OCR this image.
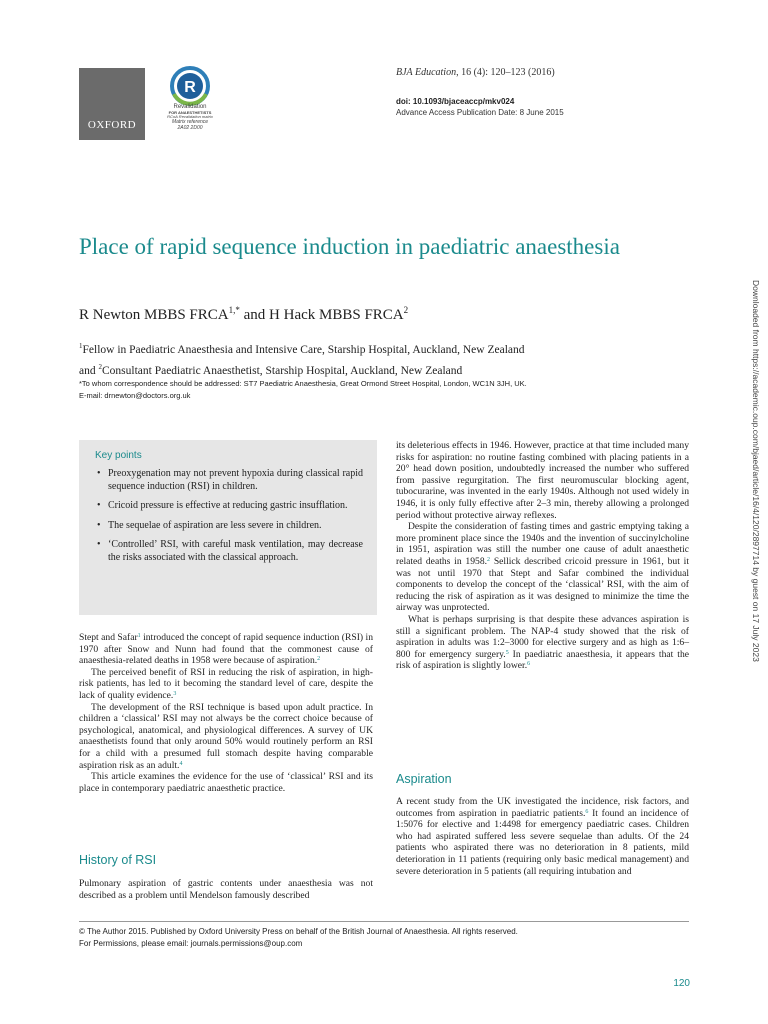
OXFORD
R
Revalidation
FOR ANAESTHETISTS
RCoA Revalidation matrix
Matrix reference
2A02 2D00
BJA Education, 16 (4): 120–123 (2016)
doi: 10.1093/bjaceaccp/mkv024
Advance Access Publication Date: 8 June 2015
Place of rapid sequence induction in paediatric anaesthesia
R Newton MBBS $FRCA^{1,*}$ and H Hack MBBS FRCA$^2$
$^1$Fellow in Paediatric Anaesthesia and Intensive Care, Starship Hospital, Auckland, New Zealand
and $^2$Consultant Paediatric Anaesthetist, Starship Hospital, Auckland, New Zealand
*To whom correspondence should be addressed: ST7 Paediatric Anaesthesia, Great Ormond Street Hospital, London, WC1N 3JH, UK.
E-mail: drnewton@doctors.org.uk	Downloaded from https://academic.oup.com/bjaed/article/16/4/120/2897714 by guest on 17 July 2023
Key points
• Preoxygenation may not prevent hypoxia during classical rapid sequence induction (RSI) in children.
• Cricoid pressure is effective at reducing gastric insufflation.
• The sequelae of aspiration are less severe in children.
• ‘Controlled’ RSI, with careful mask ventilation, may decrease the risks associated with the classical approach.

Stept and Safar$^1$ introduced the concept of rapid sequence induction (RSI) in 1970 after Snow and Nunn had found that the commonest cause of anaesthesia-related deaths in 1958 were because of aspiration.$^2$

The perceived benefit of RSI in reducing the risk of aspiration, in high-risk patients, has led to it becoming the standard level of care, despite the lack of quality evidence.$^3$

The development of the RSI technique is based upon adult practice. In children a ‘classical’ RSI may not always be the correct choice because of psychological, anatomical, and physiological differences. A survey of UK anaesthetists found that only around 50% would routinely perform an RSI for a child with a presumed full stomach despite having comparable aspiration risk as an adult.$^4$

This article examines the evidence for the use of ‘classical’ RSI and its place in contemporary paediatric anaesthetic practice.

History of RSI

Pulmonary aspiration of gastric contents under anaesthesia was not described as a problem until Mendelson famously described

its deleterious effects in 1946. However, practice at that time included many risks for aspiration: no routine fasting combined with placing patients in a 20° head down position, undoubtedly increased the number who suffered from passive regurgitation. The first neuromuscular blocking agent, tubocurarine, was invented in the early 1940s. Although not used widely in 1946, it is only fully effective after 2–3 min, thereby allowing a prolonged period without protective airway reflexes.

Despite the consideration of fasting times and gastric emptying taking a more prominent place since the 1940s and the invention of succinylcholine in 1951, aspiration was still the number one cause of adult anaesthetic related deaths in 1958.$^2$ Sellick described cricoid pressure in 1961, but it was not until 1970 that Stept and Safar combined the individual components to develop the concept of the ‘classical’ RSI, with the aim of reducing the risk of aspiration as it was designed to minimize the time the airway was unprotected.

What is perhaps surprising is that despite these advances aspiration is still a significant problem. The NAP-4 study showed that the risk of aspiration in adults was 1:2–3000 for elective surgery and as high as 1:6–800 for emergency surgery.$^5$ In paediatric anaesthesia, it appears that the risk of aspiration is slightly lower.$^6$

Aspiration

A recent study from the UK investigated the incidence, risk factors, and outcomes from aspiration in paediatric patients.$^6$ It found an incidence of 1:5076 for elective and 1:4498 for emergency paediatric cases. Children who had aspirated suffered less severe sequelae than adults. Of the 24 patients who aspirated there was no deterioration in 8 patients, mild deterioration in 11 patients (requiring only basic medical management) and severe deterioration in 5 patients (all requiring intubation and

© The Author 2015. Published by Oxford University Press on behalf of the British Journal of Anaesthesia. All rights reserved.
For Permissions, please email: journals.permissions@oup.com
120
